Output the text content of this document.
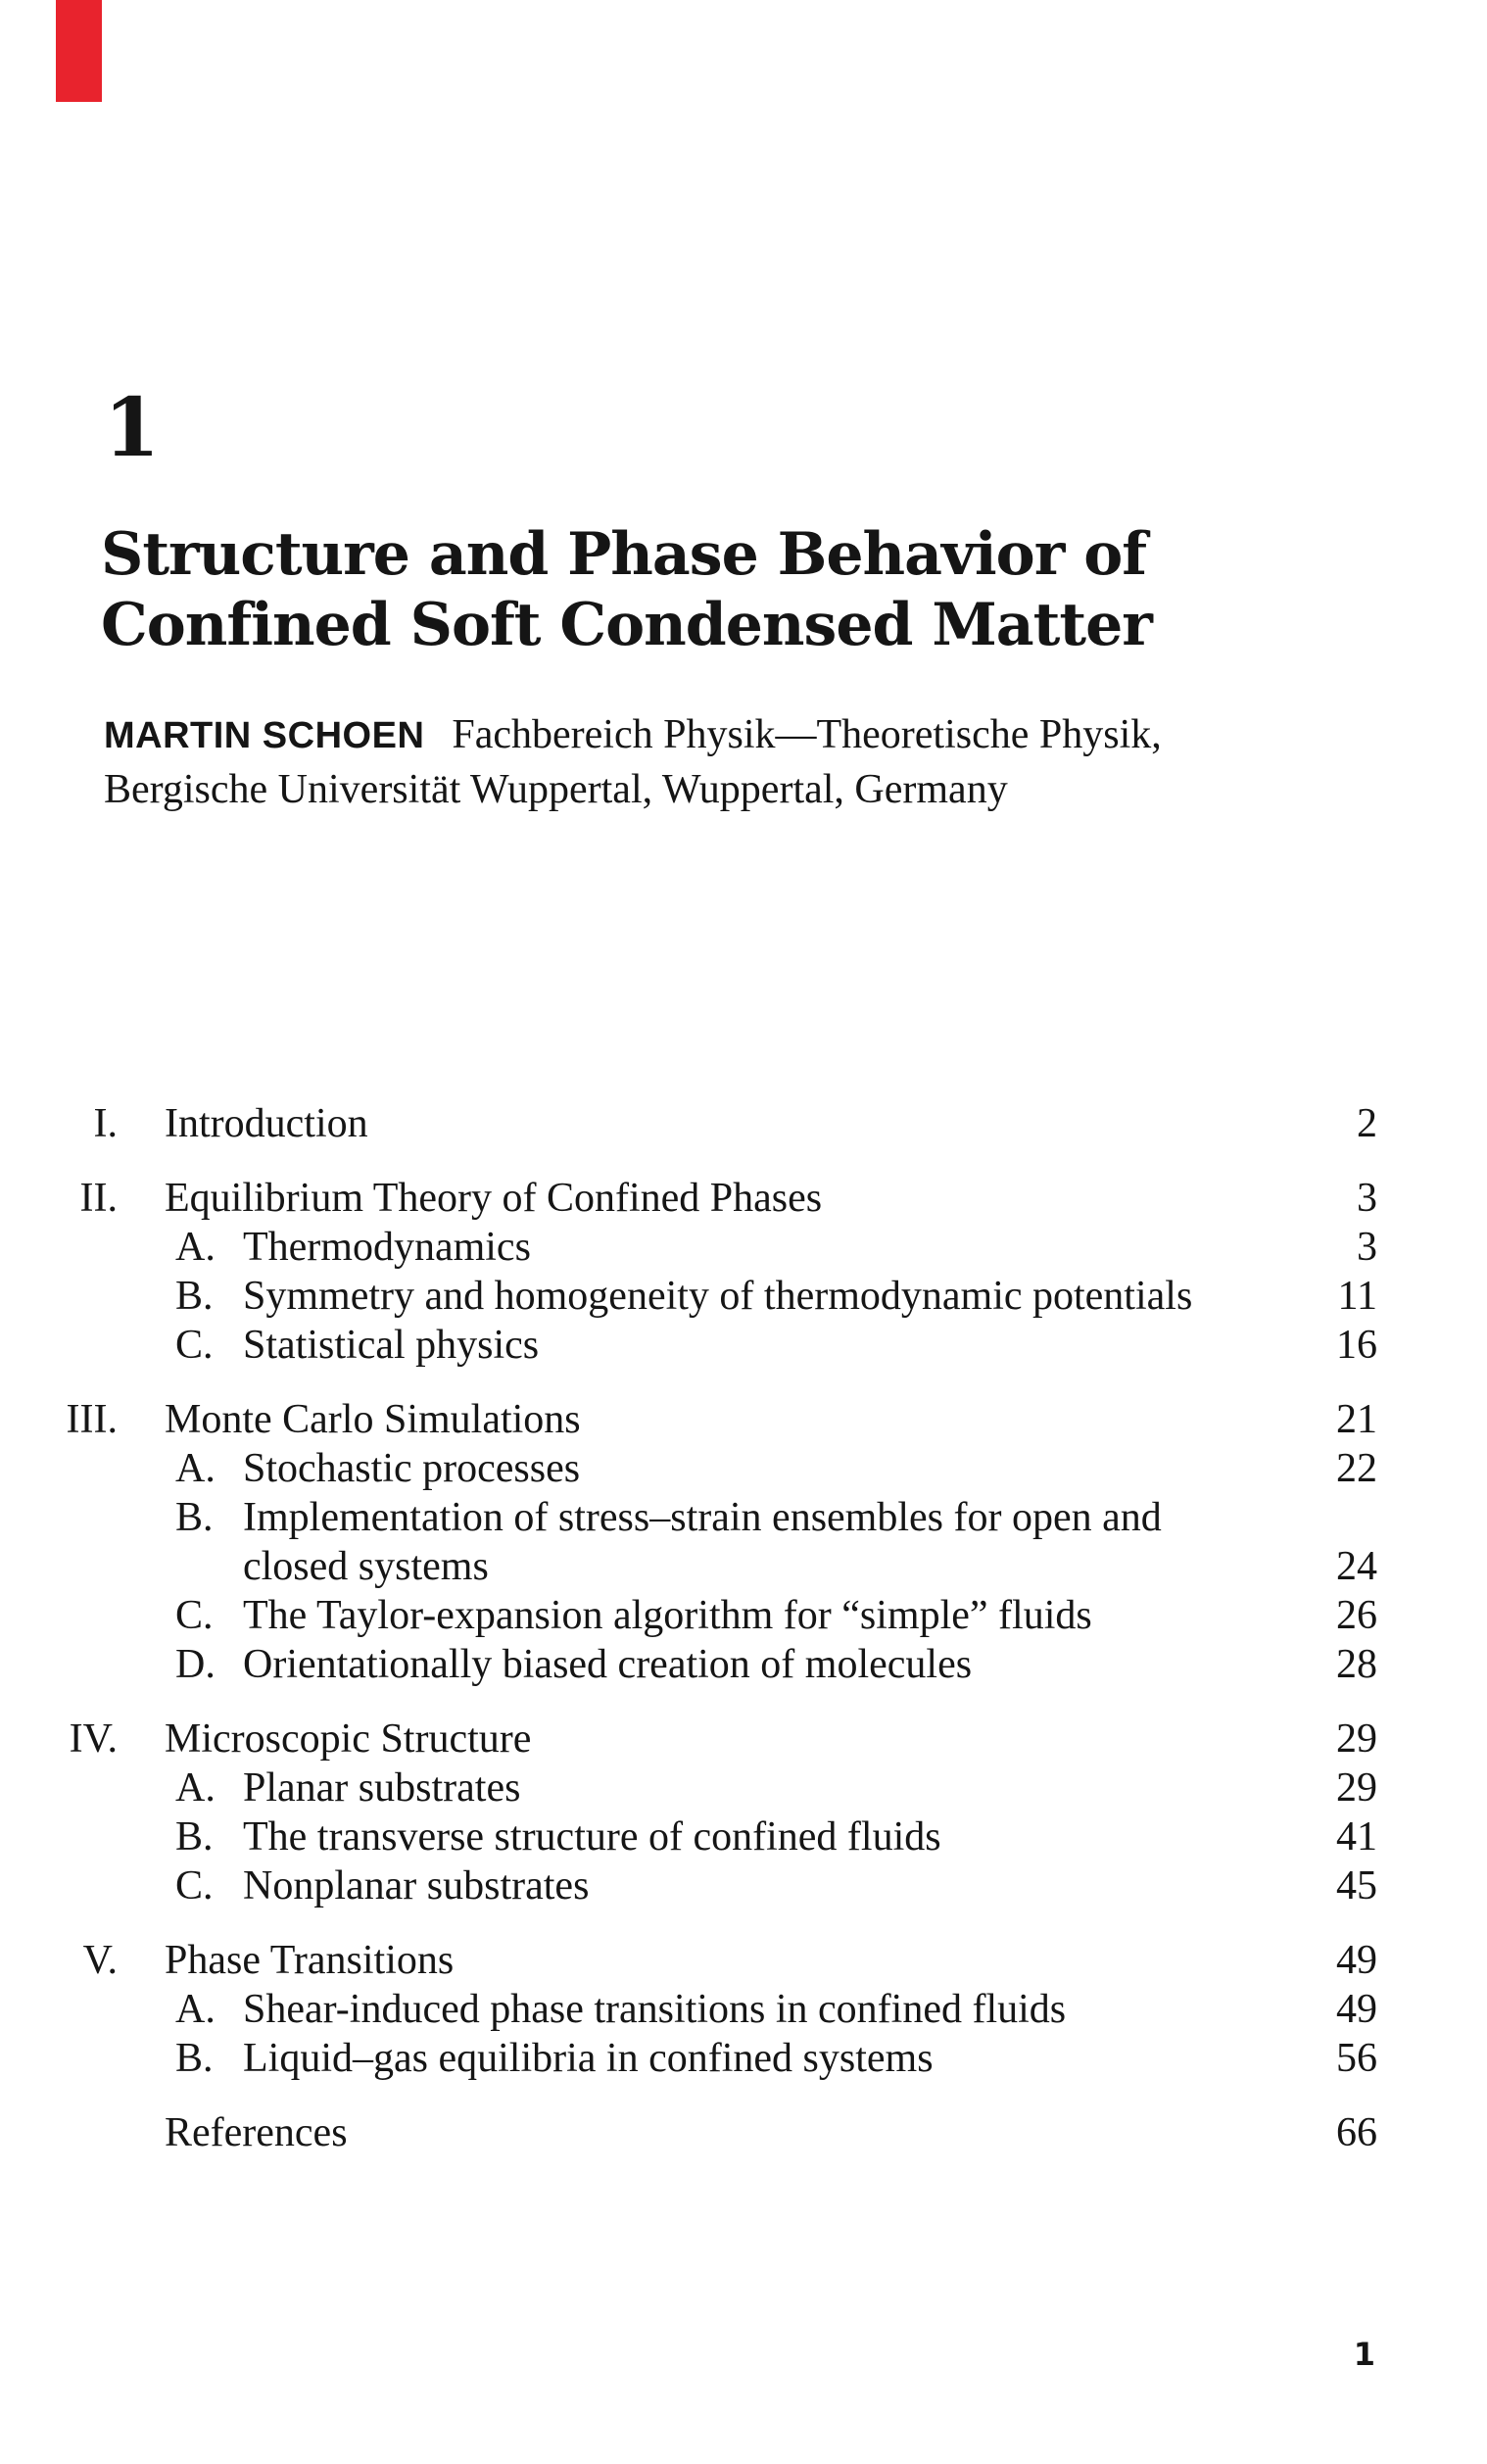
1
Structure and Phase Behavior of
Confined Soft Condensed Matter

MARTIN SCHOEN Fachbereich Physik—Theoretische Physik,
Bergische Universität Wuppertal, Wuppertal, Germany

I. Introduction	2
II. Equilibrium Theory of Confined Phases	3
A. Thermodynamics	3
B. Symmetry and homogeneity of thermodynamic potentials	11
C. Statistical physics	16
III. Monte Carlo Simulations	21
A. Stochastic processes	22
B. Implementation of stress–strain ensembles for open and
closed systems	24
C. The Taylor-expansion algorithm for “simple” fluids	26
D. Orientationally biased creation of molecules	28
IV. Microscopic Structure	29
A. Planar substrates	29
B. The transverse structure of confined fluids	41
C. Nonplanar substrates	45
V. Phase Transitions	49
A. Shear-induced phase transitions in confined fluids	49
B. Liquid–gas equilibria in confined systems	56
References	66
1
